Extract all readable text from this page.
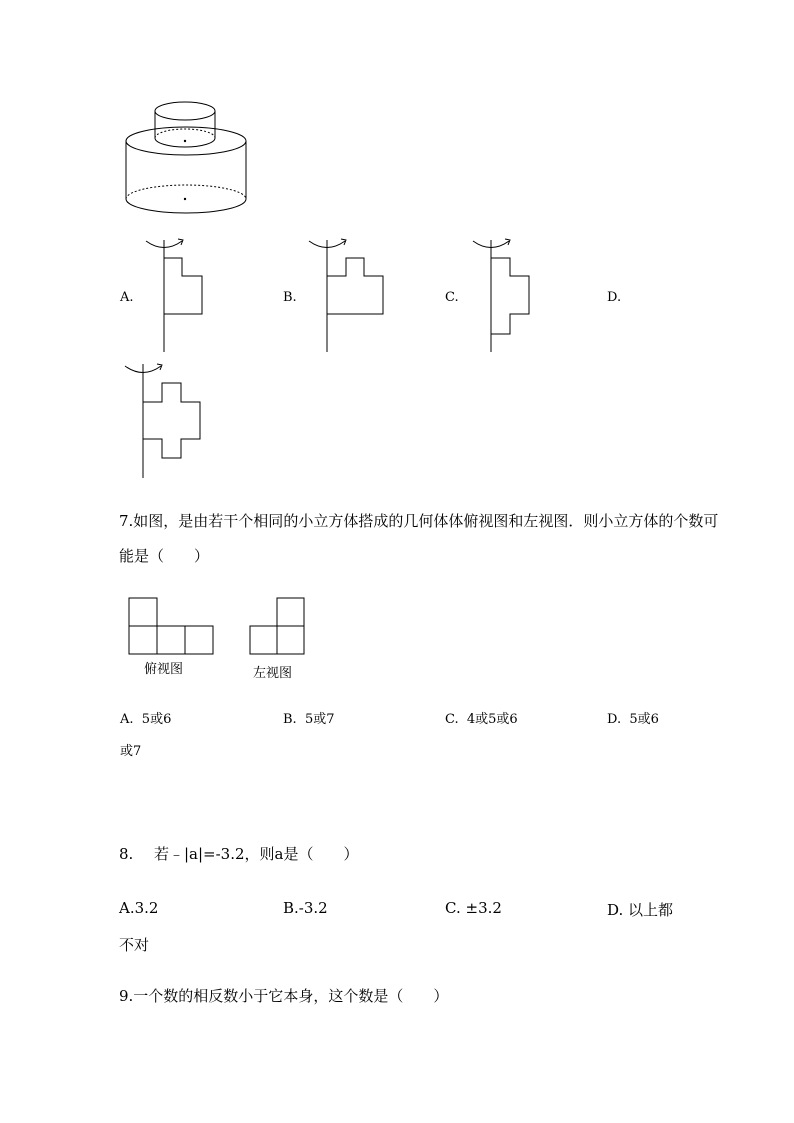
A.	B.	C.	D.
7.如图，是由若干个相同的小立方体搭成的几何体体俯视图和左视图．则小立方体的个数可
能是（　　）
俯视图	左视图
A. 5或6	B. 5或7	C. 4或5或6	D. 5或6
或7
8. 若﹣|a|=-3.2，则a是（　　）
A.3.2	B.-3.2	C. ±3.2	D. 以上都
不对
9.一个数的相反数小于它本身，这个数是（　　）
